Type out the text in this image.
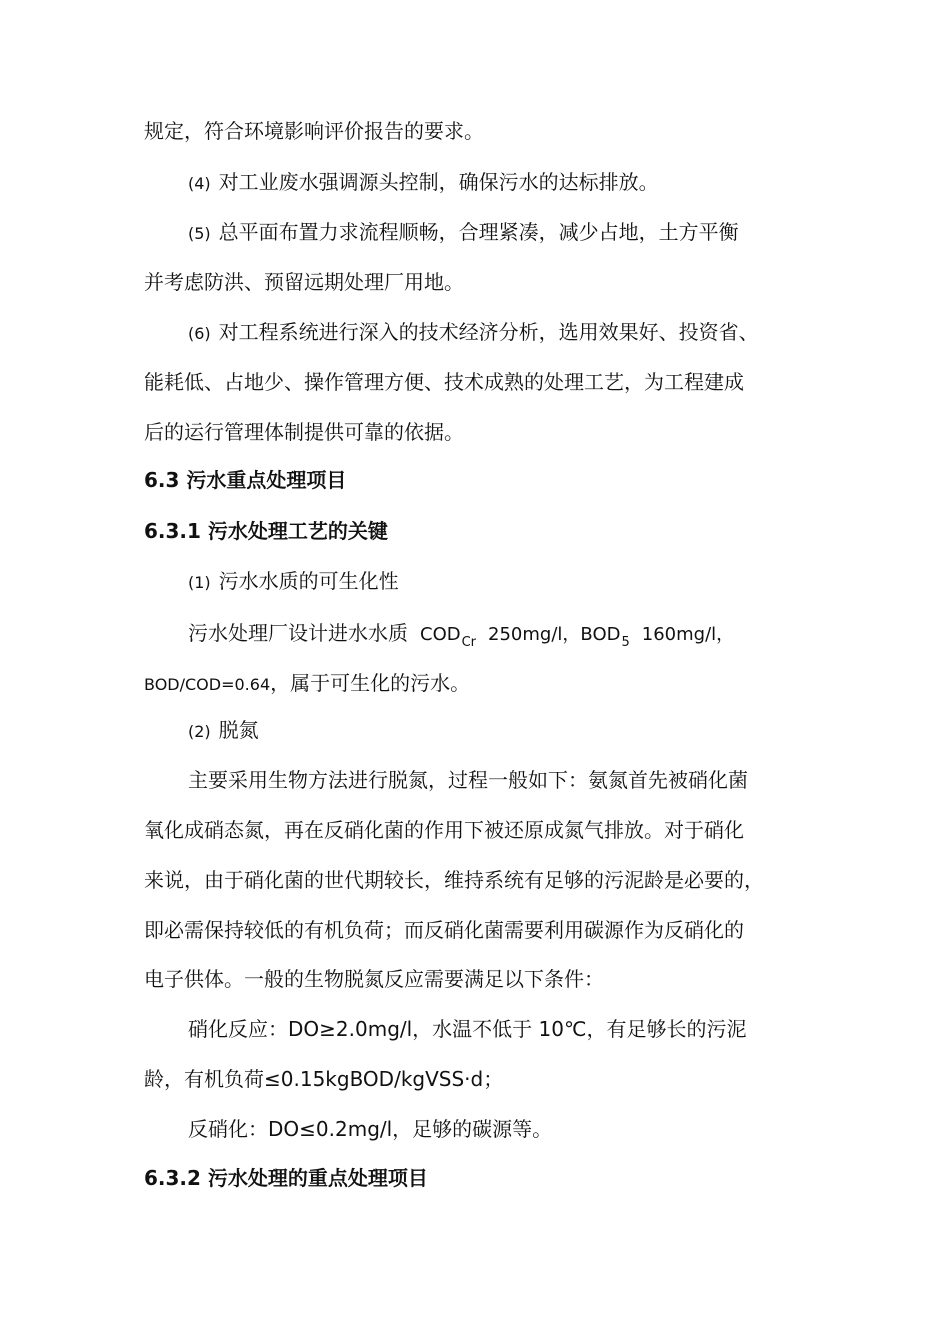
规定，符合环境影响评价报告的要求。
(4) 对工业废水强调源头控制，确保污水的达标排放。
(5) 总平面布置力求流程顺畅，合理紧凑，减少占地，土方平衡
并考虑防洪、预留远期处理厂用地。
(6) 对工程系统进行深入的技术经济分析，选用效果好、投资省、
能耗低、占地少、操作管理方便、技术成熟的处理工艺，为工程建成
后的运行管理体制提供可靠的依据。
6.3 污水重点处理项目
6.3.1 污水处理工艺的关键
(1) 污水水质的可生化性
污水处理厂设计进水水质 $COD_{Cr}$ 250mg/l，$BOD_5$ 160mg/l，
BOD/COD=0.64，属于可生化的污水。
(2) 脱氮
主要采用生物方法进行脱氮，过程一般如下：氨氮首先被硝化菌
氧化成硝态氮，再在反硝化菌的作用下被还原成氮气排放。对于硝化
来说，由于硝化菌的世代期较长，维持系统有足够的污泥龄是必要的，
即必需保持较低的有机负荷；而反硝化菌需要利用碳源作为反硝化的
电子供体。一般的生物脱氮反应需要满足以下条件：
硝化反应：DO≥2.0mg/l，水温不低于 10℃，有足够长的污泥
龄，有机负荷≤0.15kgBOD/kgVSS·d；
反硝化：DO≤0.2mg/l，足够的碳源等。
6.3.2 污水处理的重点处理项目
